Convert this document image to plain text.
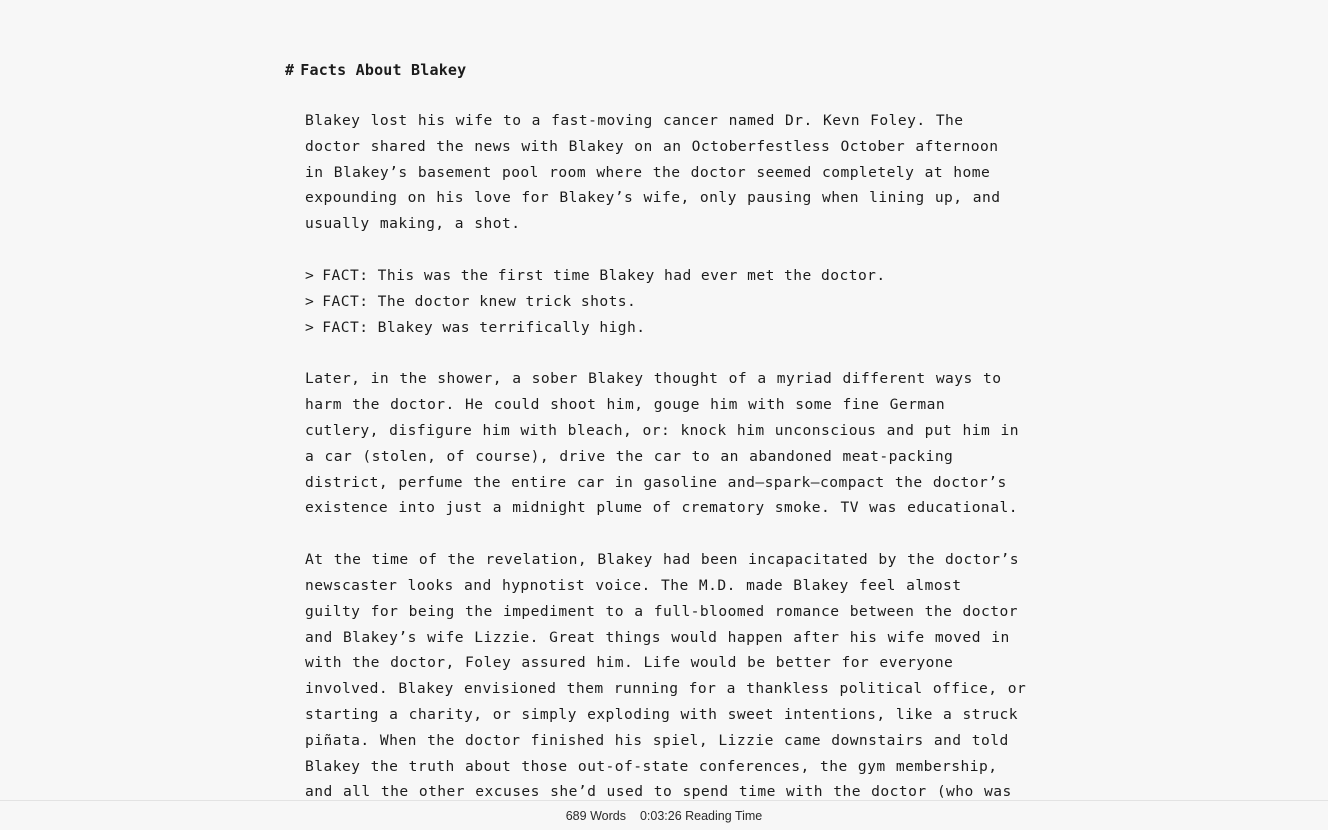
# Facts About Blakey

Blakey lost his wife to a fast-moving cancer named Dr. Kevn Foley. The doctor shared the news with Blakey on an Octoberfestless October afternoon in Blakey’s basement pool room where the doctor seemed completely at home expounding on his love for Blakey’s wife, only pausing when lining up, and usually making, a shot.

> FACT: This was the first time Blakey had ever met the doctor.
> FACT: The doctor knew trick shots.
> FACT: Blakey was terrifically high.

Later, in the shower, a sober Blakey thought of a myriad different ways to harm the doctor. He could shoot him, gouge him with some fine German cutlery, disfigure him with bleach, or: knock him unconscious and put him in a car (stolen, of course), drive the car to an abandoned meat-packing district, perfume the entire car in gasoline and—spark—compact the doctor’s existence into just a midnight plume of crematory smoke. TV was educational.

At the time of the revelation, Blakey had been incapacitated by the doctor’s newscaster looks and hypnotist voice. The M.D. made Blakey feel almost guilty for being the impediment to a full-bloomed romance between the doctor and Blakey’s wife Lizzie. Great things would happen after his wife moved in with the doctor, Foley assured him. Life would be better for everyone involved. Blakey envisioned them running for a thankless political office, or starting a charity, or simply exploding with sweet intentions, like a struck piñata. When the doctor finished his spiel, Lizzie came downstairs and told Blakey the truth about those out-of-state conferences, the gym membership, and all the other excuses she’d used to spend time with the doctor (who was

689 Words 0:03:26 Reading Time
